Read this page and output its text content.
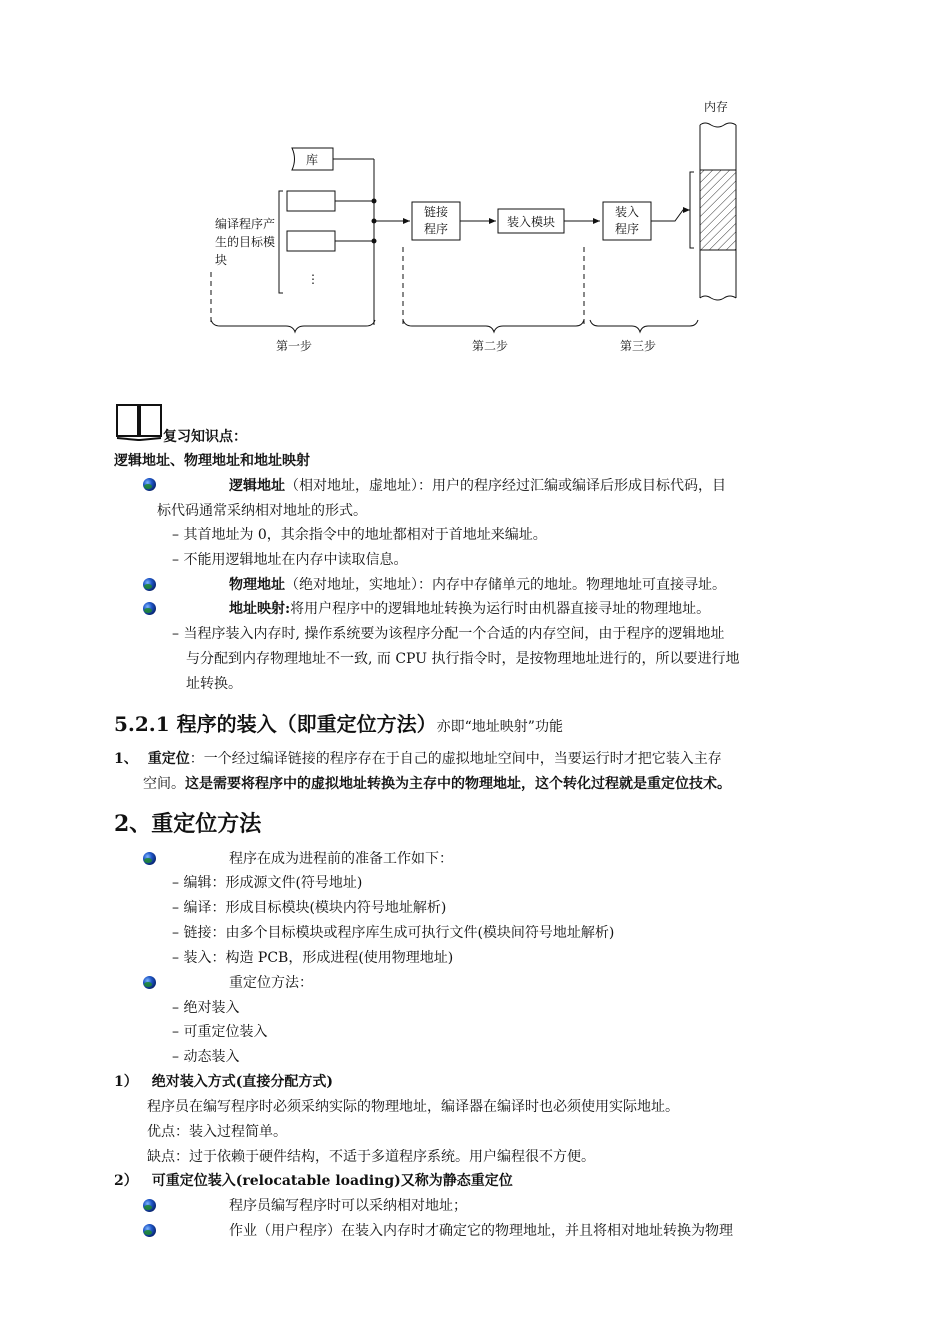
内存
库
编译程序产
生的目标模
块
⋮
链接
程序	装入模块
装入
程序
第一步	第二步	第三步
复习知识点：
逻辑地址、物理地址和地址映射
逻辑地址（相对地址，虚地址）：用户的程序经过汇编或编译后形成目标代码，目
标代码通常采纳相对地址的形式。
– 其首地址为 0，其余指令中的地址都相对于首地址来编址。
– 不能用逻辑地址在内存中读取信息。
物理地址（绝对地址，实地址）：内存中存储单元的地址。物理地址可直接寻址。
地址映射:将用户程序中的逻辑地址转换为运行时由机器直接寻址的物理地址。
– 当程序装入内存时, 操作系统要为该程序分配一个合适的内存空间，由于程序的逻辑地址
与分配到内存物理地址不一致, 而 CPU 执行指令时，是按物理地址进行的，所以要进行地
址转换。
5.2.1 程序的装入（即重定位方法）亦即“地址映射”功能
1、 重定位：一个经过编译链接的程序存在于自己的虚拟地址空间中，当要运行时才把它装入主存
空间。这是需要将程序中的虚拟地址转换为主存中的物理地址，这个转化过程就是重定位技术。
2、重定位方法
程序在成为进程前的准备工作如下：
– 编辑：形成源文件(符号地址)
– 编译：形成目标模块(模块内符号地址解析)
– 链接：由多个目标模块或程序库生成可执行文件(模块间符号地址解析)
– 装入：构造 PCB，形成进程(使用物理地址)
重定位方法：
– 绝对装入
– 可重定位装入
– 动态装入
1） 绝对装入方式(直接分配方式)
程序员在编写程序时必须采纳实际的物理地址，编译器在编译时也必须使用实际地址。
优点：装入过程简单。
缺点：过于依赖于硬件结构，不适于多道程序系统。用户编程很不方便。
2） 可重定位装入(relocatable loading)又称为静态重定位
程序员编写程序时可以采纳相对地址；
作业（用户程序）在装入内存时才确定它的物理地址，并且将相对地址转换为物理
